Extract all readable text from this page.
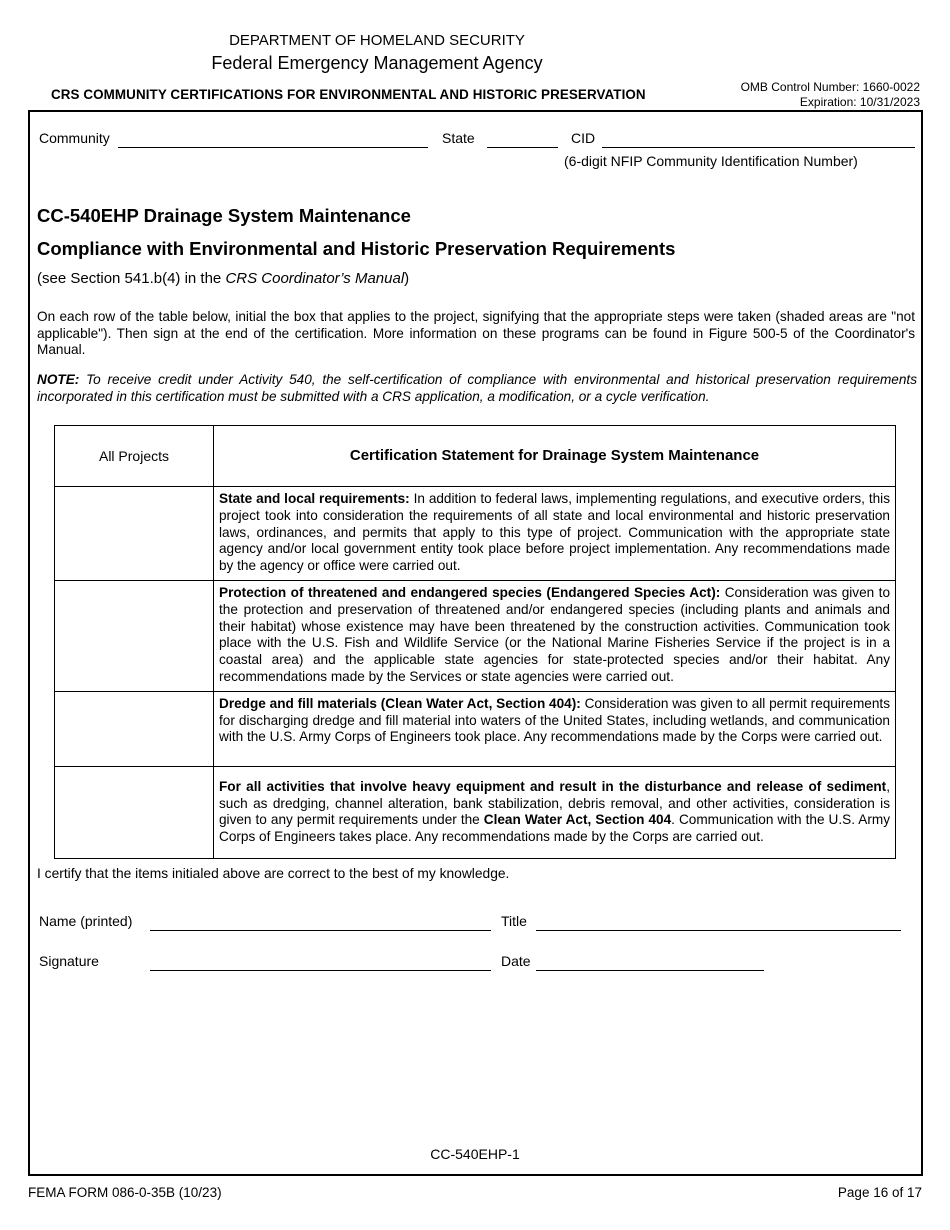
DEPARTMENT OF HOMELAND SECURITY
Federal Emergency Management Agency
CRS COMMUNITY CERTIFICATIONS FOR ENVIRONMENTAL AND HISTORIC PRESERVATION	OMB Control Number: 1660-0022
Expiration: 10/31/2023
Community	State	CID
(6-digit NFIP Community Identification Number)
CC-540EHP Drainage System Maintenance
Compliance with Environmental and Historic Preservation Requirements
(see Section 541.b(4) in the CRS Coordinator’s Manual)
On each row of the table below, initial the box that applies to the project, signifying that the appropriate steps were taken (shaded areas are "not applicable"). Then sign at the end of the certification. More information on these programs can be found in Figure 500-5 of the Coordinator's Manual.
NOTE: To receive credit under Activity 540, the self-certification of compliance with environmental and historical preservation requirements incorporated in this certification must be submitted with a CRS application, a modification, or a cycle verification.
All Projects	Certification Statement for Drainage System Maintenance
	State and local requirements: In addition to federal laws, implementing regulations, and executive orders, this project took into consideration the requirements of all state and local environmental and historic preservation laws, ordinances, and permits that apply to this type of project. Communication with the appropriate state agency and/or local government entity took place before project implementation. Any recommendations made by the agency or office were carried out.
	Protection of threatened and endangered species (Endangered Species Act): Consideration was given to the protection and preservation of threatened and/or endangered species (including plants and animals and their habitat) whose existence may have been threatened by the construction activities. Communication took place with the U.S. Fish and Wildlife Service (or the National Marine Fisheries Service if the project is in a coastal area) and the applicable state agencies for state-protected species and/or their habitat. Any recommendations made by the Services or state agencies were carried out.
	Dredge and fill materials (Clean Water Act, Section 404): Consideration was given to all permit requirements for discharging dredge and fill material into waters of the United States, including wetlands, and communication with the U.S. Army Corps of Engineers took place. Any recommendations made by the Corps were carried out.
	For all activities that involve heavy equipment and result in the disturbance and release of sediment, such as dredging, channel alteration, bank stabilization, debris removal, and other activities, consideration is given to any permit requirements under the Clean Water Act, Section 404. Communication with the U.S. Army Corps of Engineers takes place. Any recommendations made by the Corps are carried out.
I certify that the items initialed above are correct to the best of my knowledge.
Name (printed)	Title
Signature	Date
CC-540EHP-1
FEMA FORM 086-0-35B (10/23)	Page 16 of 17
